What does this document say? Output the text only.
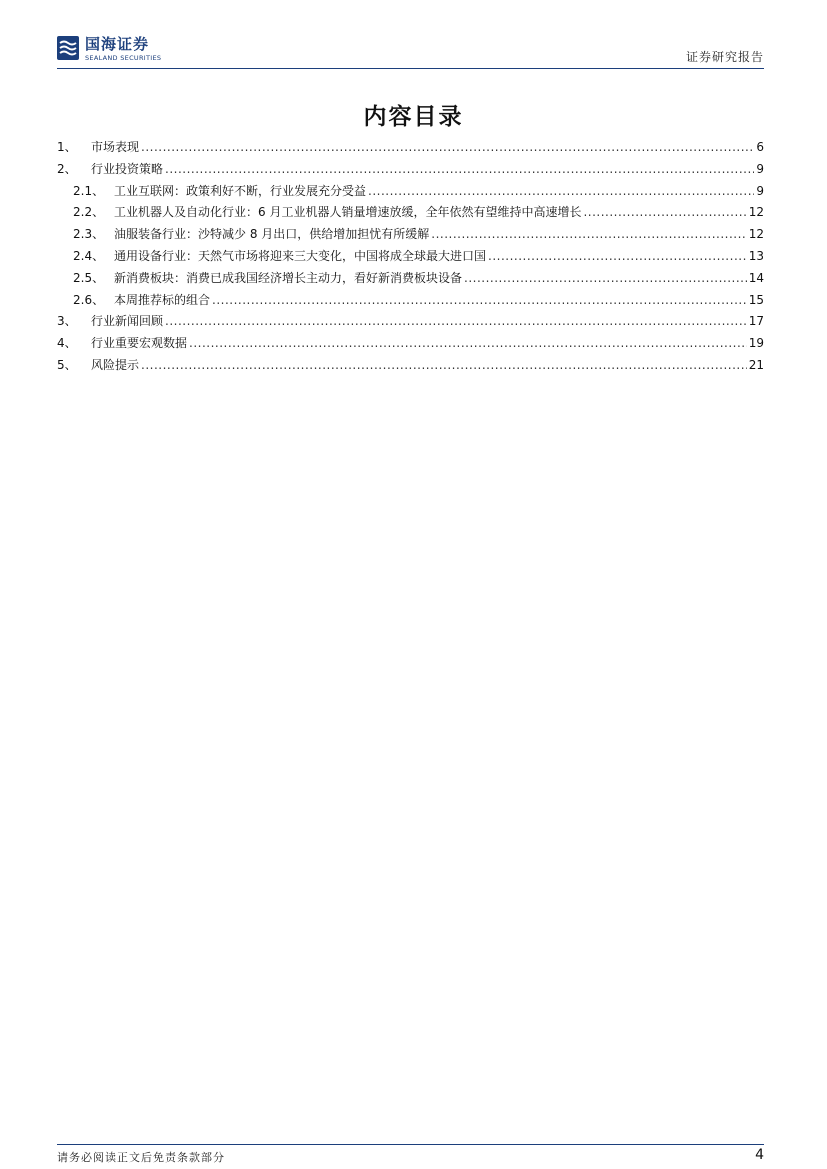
国海证券
SEALAND SECURITIES	证券研究报告
内容目录
1、	市场表现 .....	6
2、	行业投资策略 .....	9
2.1、 工业互联网：政策利好不断，行业发展充分受益 .....	9
2.2、 工业机器人及自动化行业：6 月工业机器人销量增速放缓，全年依然有望维持中高速增长 .....	12
2.3、 油服装备行业：沙特减少 8 月出口，供给增加担忧有所缓解 .....	12
2.4、 通用设备行业：天然气市场将迎来三大变化，中国将成全球最大进口国 .....	13
2.5、 新消费板块：消费已成我国经济增长主动力，看好新消费板块设备 .....	14
2.6、 本周推荐标的组合 .....	15
3、	行业新闻回顾 .....	17
4、	行业重要宏观数据 .....	19
5、	风险提示 .....	21
请务必阅读正文后免责条款部分	4
